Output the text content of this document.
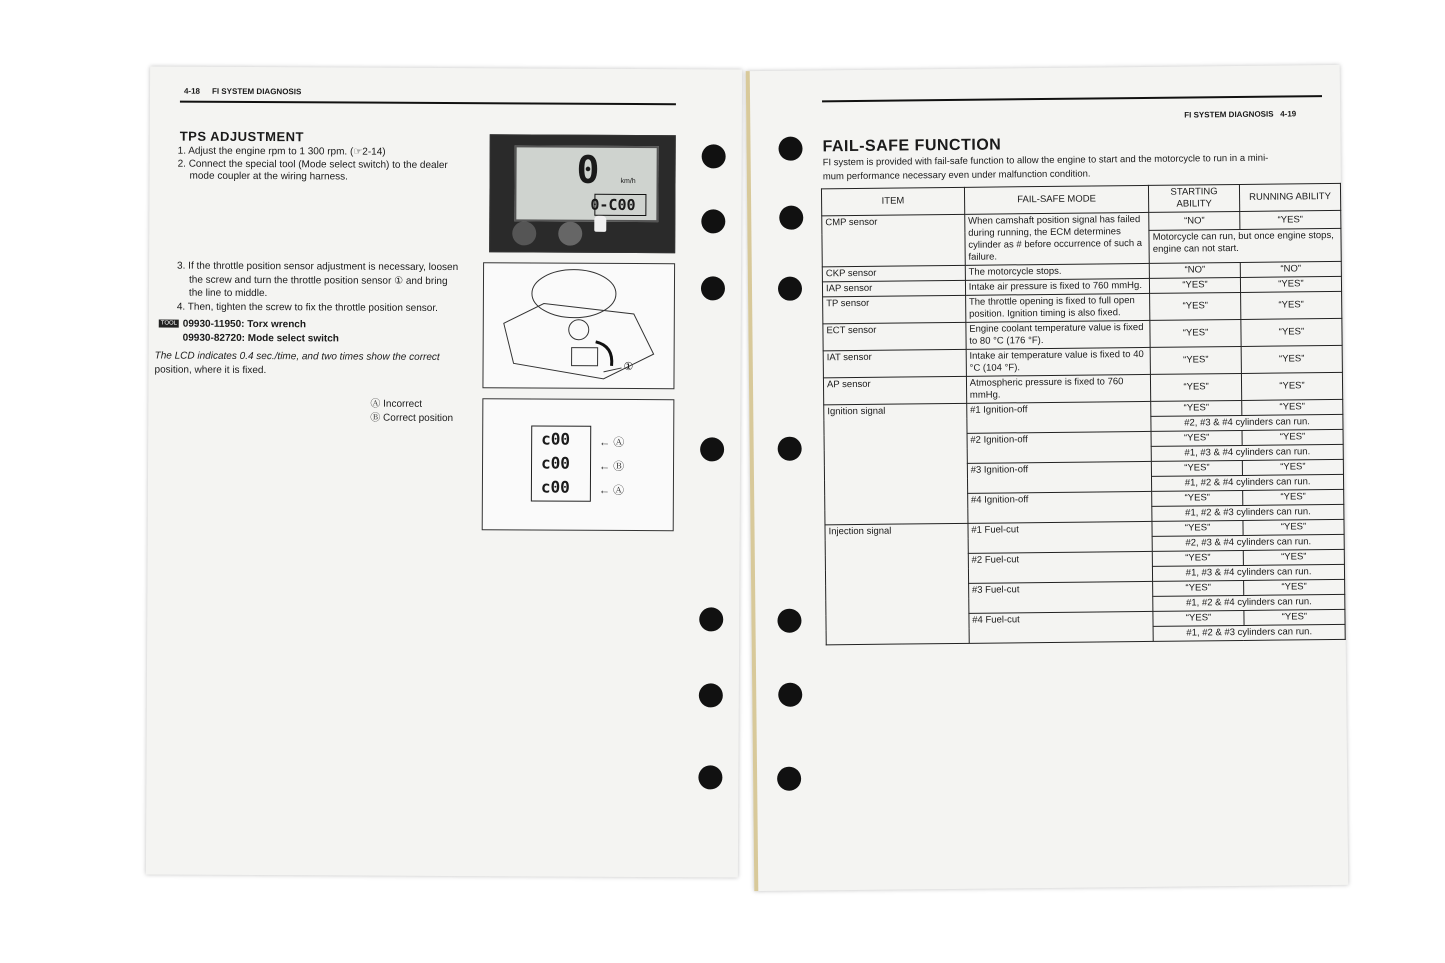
4-18 FI SYSTEM DIAGNOSIS
TPS ADJUSTMENT
1. Adjust the engine rpm to 1 300 rpm. (☞2-14)
2. Connect the special tool (Mode select switch) to the dealer
mode coupler at the wiring harness.	0	km/h
0-C00
3. If the throttle position sensor adjustment is necessary, loosen
the screw and turn the throttle position sensor ① and bring
the line to middle.
4. Then, tighten the screw to fix the throttle position sensor.
①
TOOL 09930-11950: Torx wrench
09930-82720: Mode select switch
The LCD indicates 0.4 sec./time, and two times show the correct
position, where it is fixed.
Ⓐ Incorrect
Ⓑ Correct position
c00	← Ⓐ
c00	← Ⓑ
c00	← Ⓐ
FI SYSTEM DIAGNOSIS 4-19
FAIL-SAFE FUNCTION
FI system is provided with fail-safe function to allow the engine to start and the motorcycle to run in a mini-
mum performance necessary even under malfunction condition.
ITEM	FAIL-SAFE MODE	STARTING ABILITY	RUNNING ABILITY
CMP sensor	When camshaft position signal has failed during running, the ECM determines cylinder as # before occurrence of such a failure.	“NO”	“YES”
		Motorcycle can run, but once engine stops, engine can not start.	
CKP sensor	The motorcycle stops.	“NO”	“NO”
IAP sensor	Intake air pressure is fixed to 760 mmHg.	“YES”	“YES”
TP sensor	The throttle opening is fixed to full open position. Ignition timing is also fixed.	“YES”	“YES”
ECT sensor	Engine coolant temperature value is fixed to 80 °C (176 °F).	“YES”	“YES”
IAT sensor	Intake air temperature value is fixed to 40 °C (104 °F).	“YES”	“YES”
AP sensor	Atmospheric pressure is fixed to 760 mmHg.	“YES”	“YES”
Ignition signal	#1 Ignition-off	“YES”	“YES”
		#2, #3 & #4 cylinders can run.	
	#2 Ignition-off	“YES”	“YES”
		#1, #3 & #4 cylinders can run.	
	#3 Ignition-off	“YES”	“YES”
		#1, #2 & #4 cylinders can run.	
	#4 Ignition-off	“YES”	“YES”
		#1, #2 & #3 cylinders can run.	
Injection signal	#1 Fuel-cut	“YES”	“YES”
		#2, #3 & #4 cylinders can run.	
	#2 Fuel-cut	“YES”	“YES”
		#1, #3 & #4 cylinders can run.	
	#3 Fuel-cut	“YES”	“YES”
		#1, #2 & #4 cylinders can run.	
	#4 Fuel-cut	“YES”	“YES”
		#1, #2 & #3 cylinders can run.	
